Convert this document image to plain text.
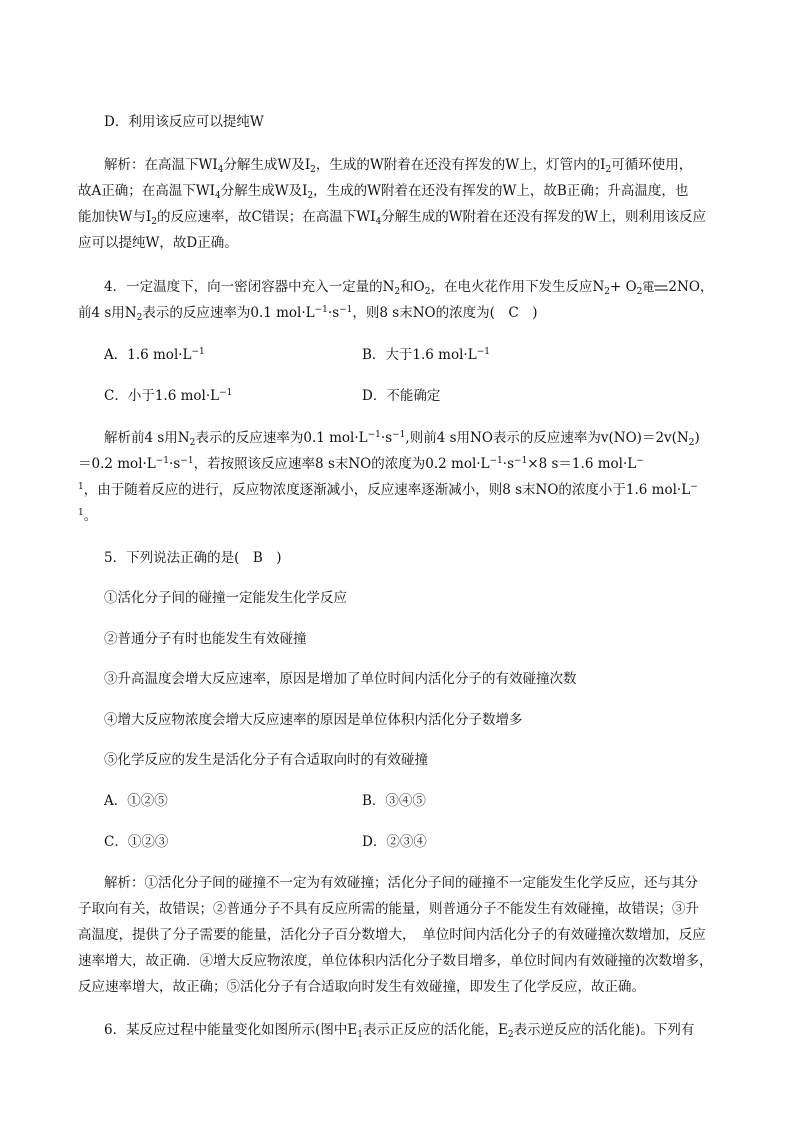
D．利用该反应可以提纯W
解析：在高温下$WI_4$分解生成W及$I_2$，生成的W附着在还没有挥发的W上，灯管内的$I_2$可循环使用，
故A正确；在高温下$WI_4$分解生成W及$I_2$，生成的W附着在还没有挥发的W上，故B正确；升高温度，也
能加快W与$I_2$的反应速率，故C错误；在高温下$WI_4$分解生成的W附着在还没有挥发的W上，则利用该反应
应可以提纯W，故D正确。
4．一定温度下，向一密闭容器中充入一定量的$N_2$和$O_2$，在电火花作用下发生反应$N_2+ O_2$電 2NO，
前4 s用$N_2$表示的反应速率为0.1 $mol\cdot L^{-1}\cdot s^{-1}$，则8 s末NO的浓度为(　C　)
A．1.6 $mol\cdot L^{-1}$	B．大于1.6 $mol\cdot L^{-1}$
C．小于1.6 $mol\cdot L^{-1}$	D．不能确定
解析前4 s用$N_2$表示的反应速率为0.1 $mol\cdot L^{-1}\cdot s^{-1}$,则前4 s用NO表示的反应速率为$v(NO)=2v(N_2)$
＝0.2 $mol\cdot L^{-1}\cdot s^{-1}$，若按照该反应速率8 s末NO的浓度为0.2 $mol\cdot L^{-1}\cdot s^{-1}\times 8$ s＝1.6 mol·L−
$^1$，由于随着反应的进行，反应物浓度逐渐减小，反应速率逐渐减小，则8 s末NO的浓度小于1.6 mol·L−
$^1$。
5．下列说法正确的是(　B　)
①活化分子间的碰撞一定能发生化学反应
②普通分子有时也能发生有效碰撞
③升高温度会增大反应速率，原因是增加了单位时间内活化分子的有效碰撞次数
④增大反应物浓度会增大反应速率的原因是单位体积内活化分子数增多
⑤化学反应的发生是活化分子有合适取向时的有效碰撞
A．①②⑤	B．③④⑤
C．①②③	D．②③④
解析：①活化分子间的碰撞不一定为有效碰撞；活化分子间的碰撞不一定能发生化学反应，还与其分
子取向有关，故错误；②普通分子不具有反应所需的能量，则普通分子不能发生有效碰撞，故错误；③升
高温度，提供了分子需要的能量，活化分子百分数增大，　单位时间内活化分子的有效碰撞次数增加，反应
速率增大，故正确．④增大反应物浓度，单位体积内活化分子数目增多，单位时间内有效碰撞的次数增多，
反应速率增大，故正确；⑤活化分子有合适取向时发生有效碰撞，即发生了化学反应，故正确。
6．某反应过程中能量变化如图所示(图中$E_1$表示正反应的活化能，$E_2$表示逆反应的活化能)。下列有
